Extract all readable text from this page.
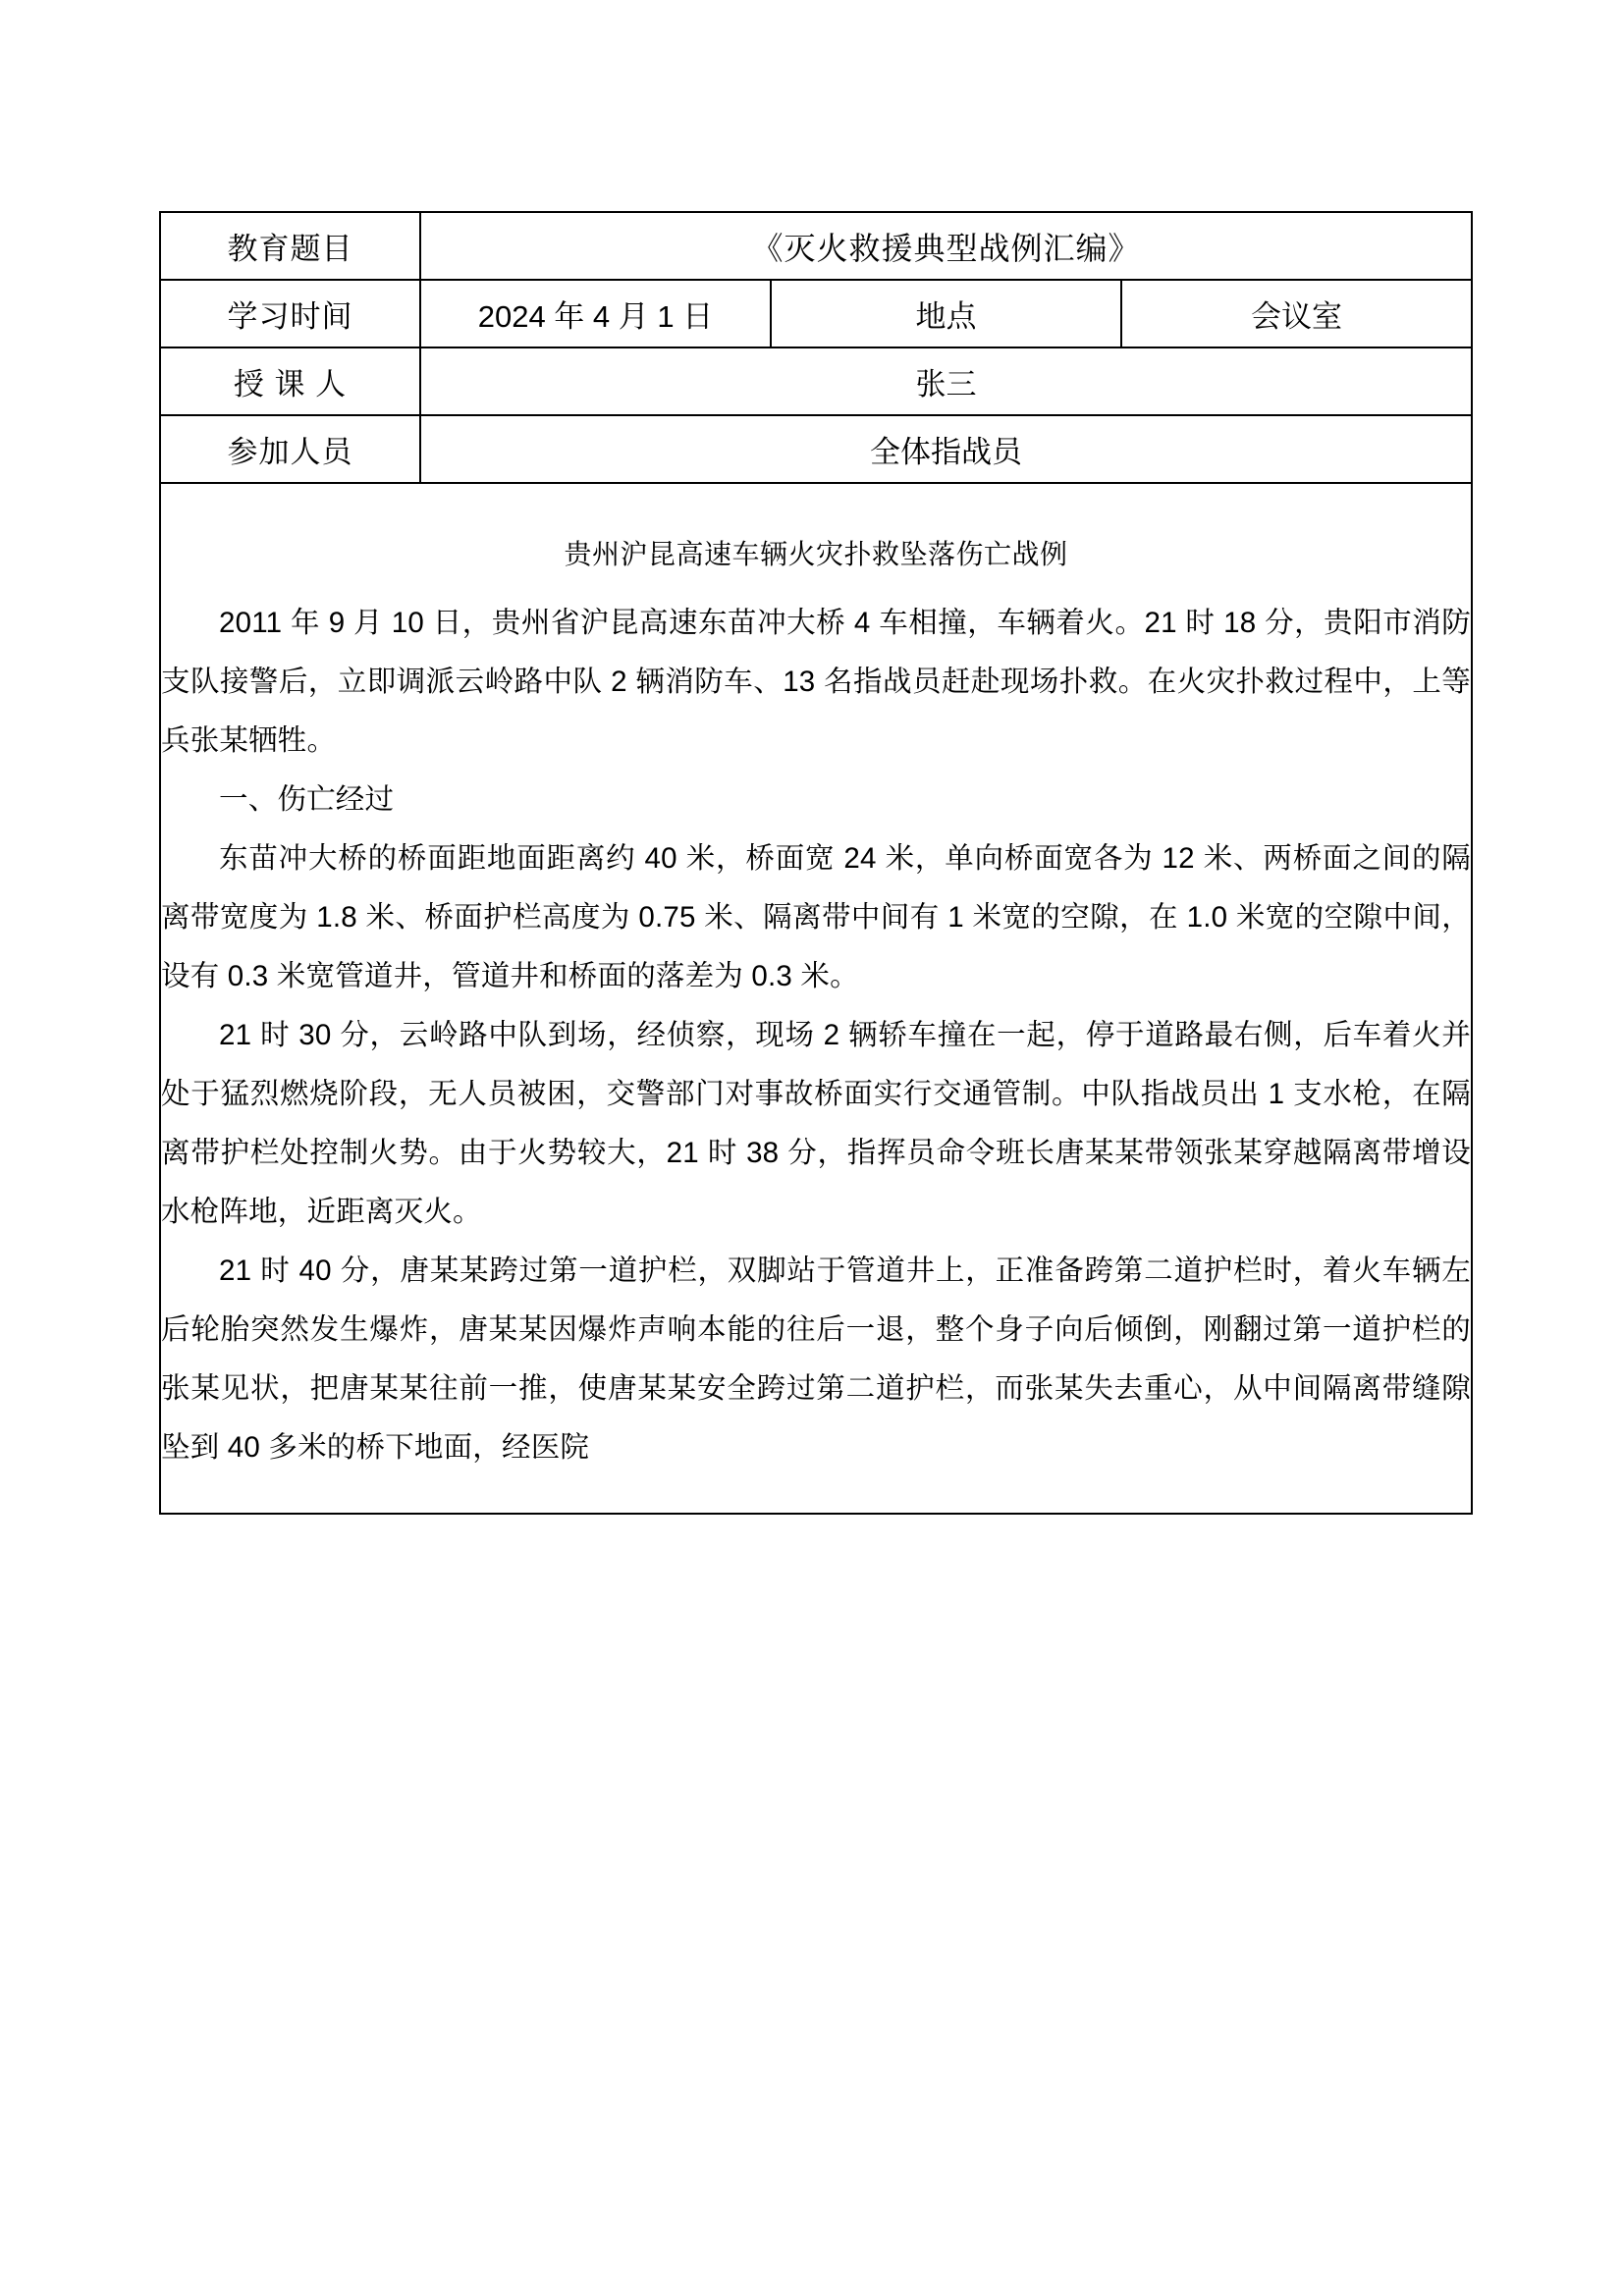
教育题目	《灭火救援典型战例汇编》		
学习时间	2024 年 4 月 1 日	地点	会议室
授 课 人	张三		
参加人员	全体指战员		

贵州沪昆高速车辆火灾扑救坠落伤亡战例

2011 年 9 月 10 日，贵州省沪昆高速东苗冲大桥 4 车相撞，车辆着火。21 时 18 分，贵阳市消防支队接警后，立即调派云岭路中队 2 辆消防车、13 名指战员赶赴现场扑救。在火灾扑救过程中，上等兵张某牺牲。

一、伤亡经过

东苗冲大桥的桥面距地面距离约 40 米，桥面宽 24 米，单向桥面宽各为 12 米、两桥面之间的隔离带宽度为 1.8 米、桥面护栏高度为 0.75 米、隔离带中间有 1 米宽的空隙，在 1.0 米宽的空隙中间，设有 0.3 米宽管道井，管道井和桥面的落差为 0.3 米。

21 时 30 分，云岭路中队到场，经侦察，现场 2 辆轿车撞在一起，停于道路最右侧，后车着火并处于猛烈燃烧阶段，无人员被困，交警部门对事故桥面实行交通管制。中队指战员出 1 支水枪，在隔离带护栏处控制火势。由于火势较大，21 时 38 分，指挥员命令班长唐某某带领张某穿越隔离带增设水枪阵地，近距离灭火。

21 时 40 分，唐某某跨过第一道护栏，双脚站于管道井上，正准备跨第二道护栏时，着火车辆左后轮胎突然发生爆炸，唐某某因爆炸声响本能的往后一退，整个身子向后倾倒，刚翻过第一道护栏的张某见状，把唐某某往前一推，使唐某某安全跨过第二道护栏，而张某失去重心，从中间隔离带缝隙坠到 40 多米的桥下地面，经医院
